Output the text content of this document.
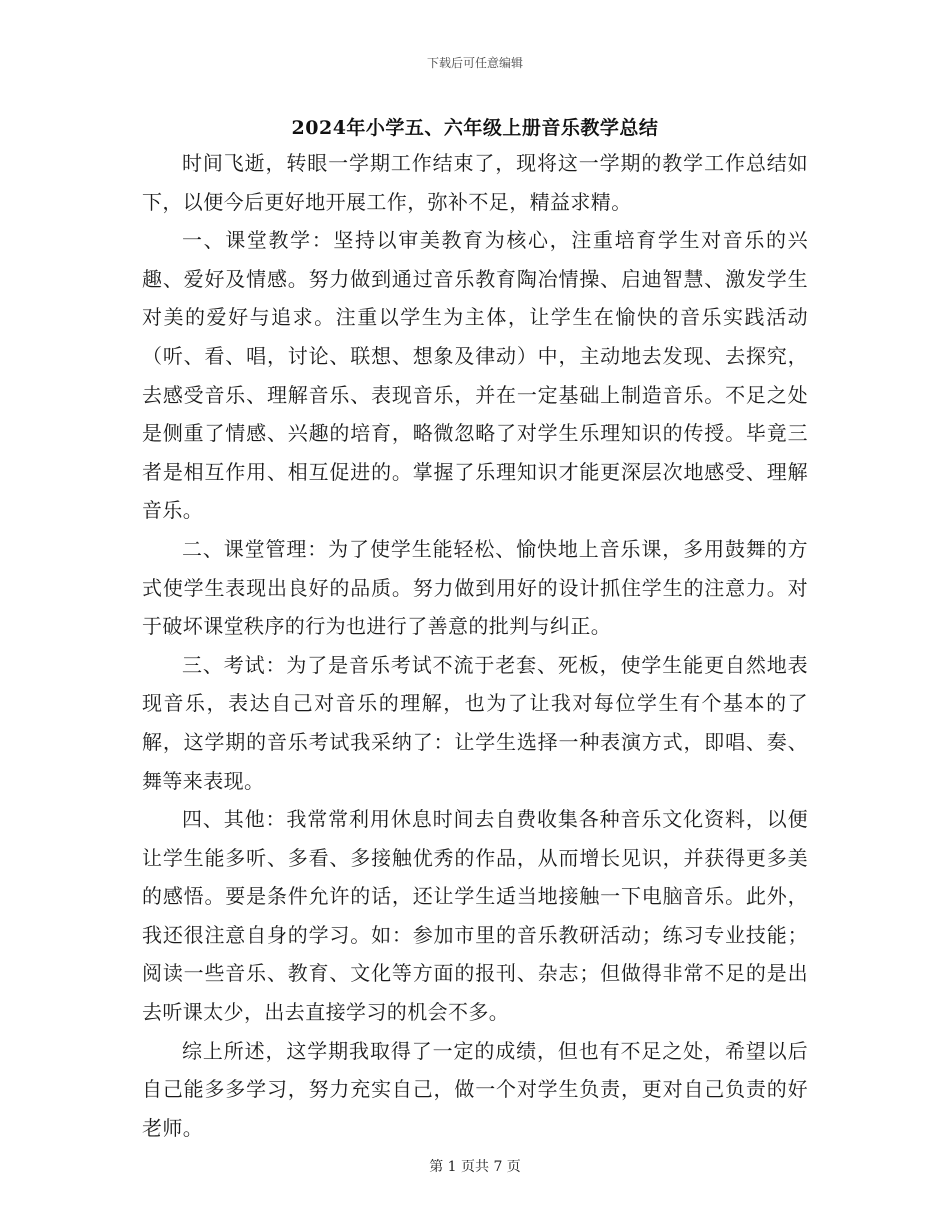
下载后可任意编辑
2024年小学五、六年级上册音乐教学总结

时间飞逝，转眼一学期工作结束了，现将这一学期的教学工作总结如下，以便今后更好地开展工作，弥补不足，精益求精。

一、课堂教学：坚持以审美教育为核心，注重培育学生对音乐的兴趣、爱好及情感。努力做到通过音乐教育陶冶情操、启迪智慧、激发学生对美的爱好与追求。注重以学生为主体，让学生在愉快的音乐实践活动（听、看、唱，讨论、联想、想象及律动）中，主动地去发现、去探究，去感受音乐、理解音乐、表现音乐，并在一定基础上制造音乐。不足之处是侧重了情感、兴趣的培育，略微忽略了对学生乐理知识的传授。毕竟三者是相互作用、相互促进的。掌握了乐理知识才能更深层次地感受、理解音乐。

二、课堂管理：为了使学生能轻松、愉快地上音乐课，多用鼓舞的方式使学生表现出良好的品质。努力做到用好的设计抓住学生的注意力。对于破坏课堂秩序的行为也进行了善意的批判与纠正。

三、考试：为了是音乐考试不流于老套、死板，使学生能更自然地表现音乐，表达自己对音乐的理解，也为了让我对每位学生有个基本的了解，这学期的音乐考试我采纳了：让学生选择一种表演方式，即唱、奏、舞等来表现。

四、其他：我常常利用休息时间去自费收集各种音乐文化资料，以便让学生能多听、多看、多接触优秀的作品，从而增长见识，并获得更多美的感悟。要是条件允许的话，还让学生适当地接触一下电脑音乐。此外，我还很注意自身的学习。如：参加市里的音乐教研活动；练习专业技能；阅读一些音乐、教育、文化等方面的报刊、杂志；但做得非常不足的是出去听课太少，出去直接学习的机会不多。

综上所述，这学期我取得了一定的成绩，但也有不足之处，希望以后自己能多多学习，努力充实自己，做一个对学生负责，更对自己负责的好老师。

第 1 页共 7 页
